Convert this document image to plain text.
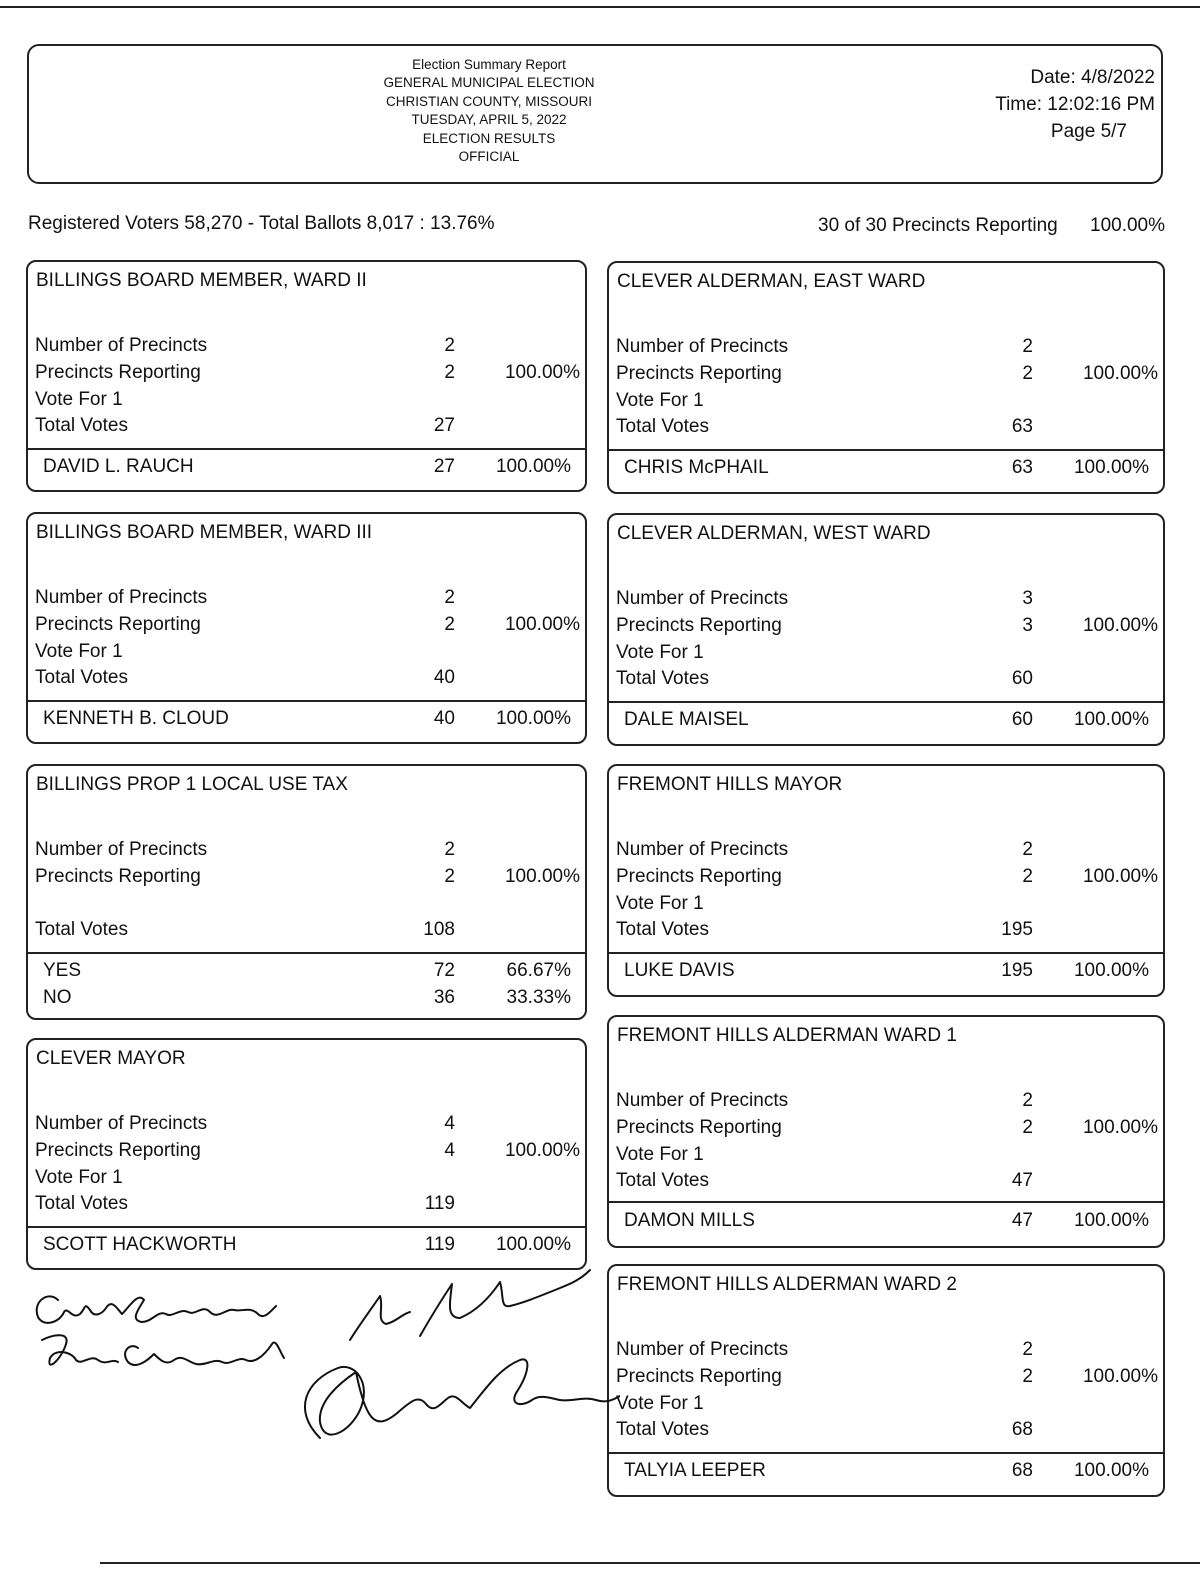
Election Summary Report
GENERAL MUNICIPAL ELECTION
CHRISTIAN COUNTY, MISSOURI
TUESDAY, APRIL 5, 2022
ELECTION RESULTS
OFFICIAL
Date: 4/8/2022
Time: 12:02:16 PM
Page 5/7
Registered Voters 58,270 - Total Ballots 8,017 : 13.76%	30 of 30 Precincts Reporting 100.00%
BILLINGS BOARD MEMBER, WARD II
Number of Precincts	2
Precincts Reporting	2	100.00%
Vote For 1
Total Votes	27
DAVID L. RAUCH	27 100.00%
BILLINGS BOARD MEMBER, WARD III
Number of Precincts	2
Precincts Reporting	2	100.00%
Vote For 1
Total Votes	40
KENNETH B. CLOUD	40 100.00%
BILLINGS PROP 1 LOCAL USE TAX
Number of Precincts	2
Precincts Reporting	2	100.00%
Total Votes	108
YES	72	66.67%
NO	36	33.33%
CLEVER MAYOR
Number of Precincts	4
Precincts Reporting	4	100.00%
Vote For 1
Total Votes	119
SCOTT HACKWORTH	119 100.00%
CLEVER ALDERMAN, EAST WARD
Number of Precincts	2
Precincts Reporting	2	100.00%
Vote For 1
Total Votes	63
CHRIS McPHAIL	63 100.00%
CLEVER ALDERMAN, WEST WARD
Number of Precincts	3
Precincts Reporting	3	100.00%
Vote For 1
Total Votes	60
DALE MAISEL	60 100.00%
FREMONT HILLS MAYOR
Number of Precincts	2
Precincts Reporting	2	100.00%
Vote For 1
Total Votes	195
LUKE DAVIS	195 100.00%
FREMONT HILLS ALDERMAN WARD 1
Number of Precincts	2
Precincts Reporting	2	100.00%
Vote For 1
Total Votes	47
DAMON MILLS	47 100.00%
FREMONT HILLS ALDERMAN WARD 2
Number of Precincts	2
Precincts Reporting	2	100.00%
Vote For 1
Total Votes	68
TALYIA LEEPER	68 100.00%
